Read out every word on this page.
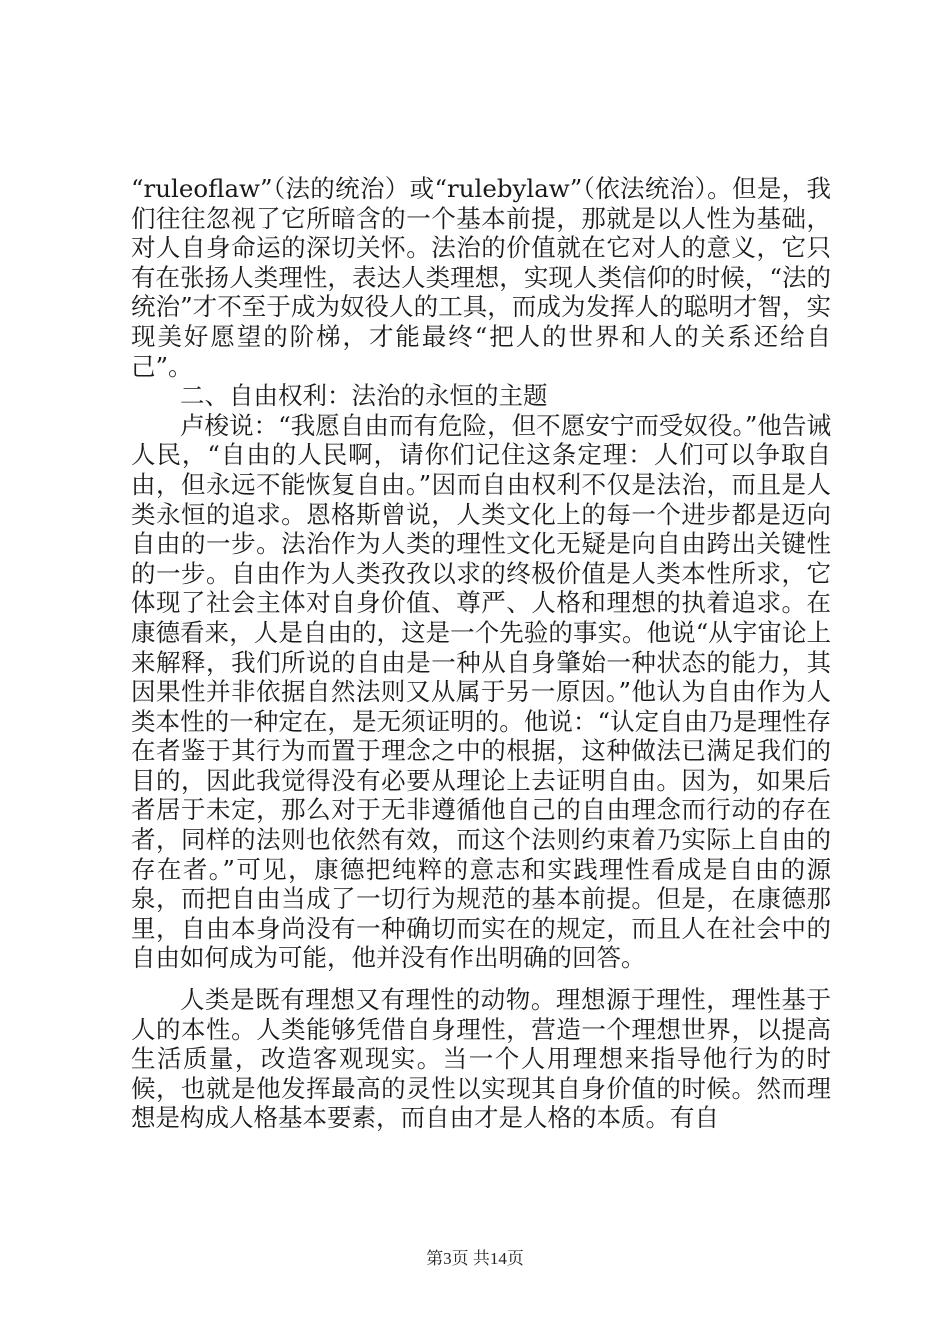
“ruleoflaw”（法的统治）或“rulebylaw”（依法统治）。但是，我们往往忽视了它所暗含的一个基本前提，那就是以人性为基础，对人自身命运的深切关怀。法治的价值就在它对人的意义，它只有在张扬人类理性，表达人类理想，实现人类信仰的时候，“法的统治”才不至于成为奴役人的工具，而成为发挥人的聪明才智，实现美好愿望的阶梯，才能最终“把人的世界和人的关系还给自己”。

二、自由权利：法治的永恒的主题

卢梭说：“我愿自由而有危险，但不愿安宁而受奴役。”他告诫人民，“自由的人民啊，请你们记住这条定理：人们可以争取自由，但永远不能恢复自由。”因而自由权利不仅是法治，而且是人类永恒的追求。恩格斯曾说，人类文化上的每一个进步都是迈向自由的一步。法治作为人类的理性文化无疑是向自由跨出关键性的一步。自由作为人类孜孜以求的终极价值是人类本性所求，它体现了社会主体对自身价值、尊严、人格和理想的执着追求。在康德看来，人是自由的，这是一个先验的事实。他说“从宇宙论上来解释，我们所说的自由是一种从自身肇始一种状态的能力，其因果性并非依据自然法则又从属于另一原因。”他认为自由作为人类本性的一种定在，是无须证明的。他说：“认定自由乃是理性存在者鉴于其行为而置于理念之中的根据，这种做法已满足我们的目的，因此我觉得没有必要从理论上去证明自由。因为，如果后者居于未定，那么对于无非遵循他自己的自由理念而行动的存在者，同样的法则也依然有效，而这个法则约束着乃实际上自由的存在者。”可见，康德把纯粹的意志和实践理性看成是自由的源泉，而把自由当成了一切行为规范的基本前提。但是，在康德那里，自由本身尚没有一种确切而实在的规定，而且人在社会中的自由如何成为可能，他并没有作出明确的回答。

人类是既有理想又有理性的动物。理想源于理性，理性基于人的本性。人类能够凭借自身理性，营造一个理想世界，以提高生活质量，改造客观现实。当一个人用理想来指导他行为的时候，也就是他发挥最高的灵性以实现其自身价值的时候。然而理想是构成人格基本要素，而自由才是人格的本质。有自

第3页 共14页
